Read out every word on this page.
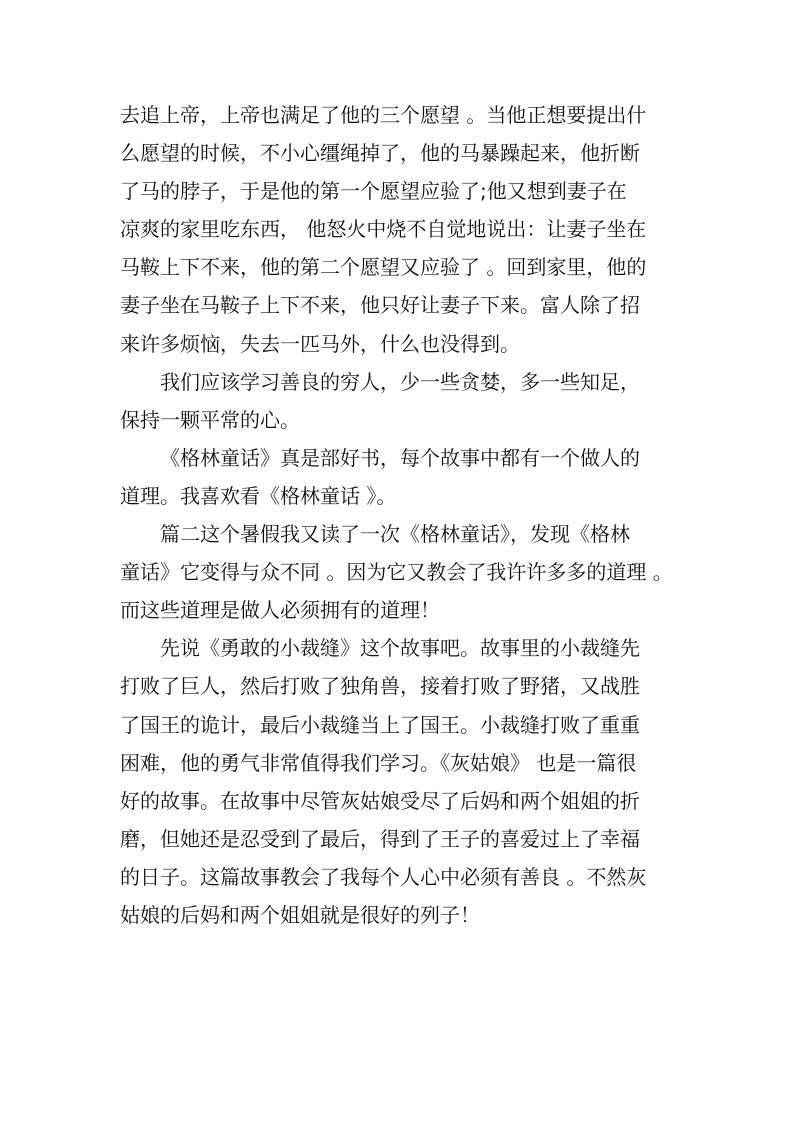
去追上帝，上帝也满足了他的三个愿望 。当他正想要提出什
么愿望的时候，不小心缰绳掉了，他的马暴躁起来，他折断
了马的脖子，于是他的第一个愿望应验了;他又想到妻子在
凉爽的家里吃东西， 他怒火中烧不自觉地说出：让妻子坐在
马鞍上下不来，他的第二个愿望又应验了 。回到家里，他的
妻子坐在马鞍子上下不来，他只好让妻子下来。富人除了招
来许多烦恼，失去一匹马外，什么也没得到。
我们应该学习善良的穷人，少一些贪婪，多一些知足，
保持一颗平常的心。
《格林童话》真是部好书，每个故事中都有一个做人的
道理。我喜欢看《格林童话 》。
篇二这个暑假我又读了一次《格林童话》，发现《格林
童话》它变得与众不同 。因为它又教会了我许许多多的道理 。
而这些道理是做人必须拥有的道理！
先说《勇敢的小裁缝》这个故事吧。故事里的小裁缝先
打败了巨人，然后打败了独角兽，接着打败了野猪，又战胜
了国王的诡计，最后小裁缝当上了国王。小裁缝打败了重重
困难，他的勇气非常值得我们学习。《灰姑娘》 也是一篇很
好的故事。在故事中尽管灰姑娘受尽了后妈和两个姐姐的折
磨，但她还是忍受到了最后，得到了王子的喜爱过上了幸福
的日子。这篇故事教会了我每个人心中必须有善良 。不然灰
姑娘的后妈和两个姐姐就是很好的列子！
